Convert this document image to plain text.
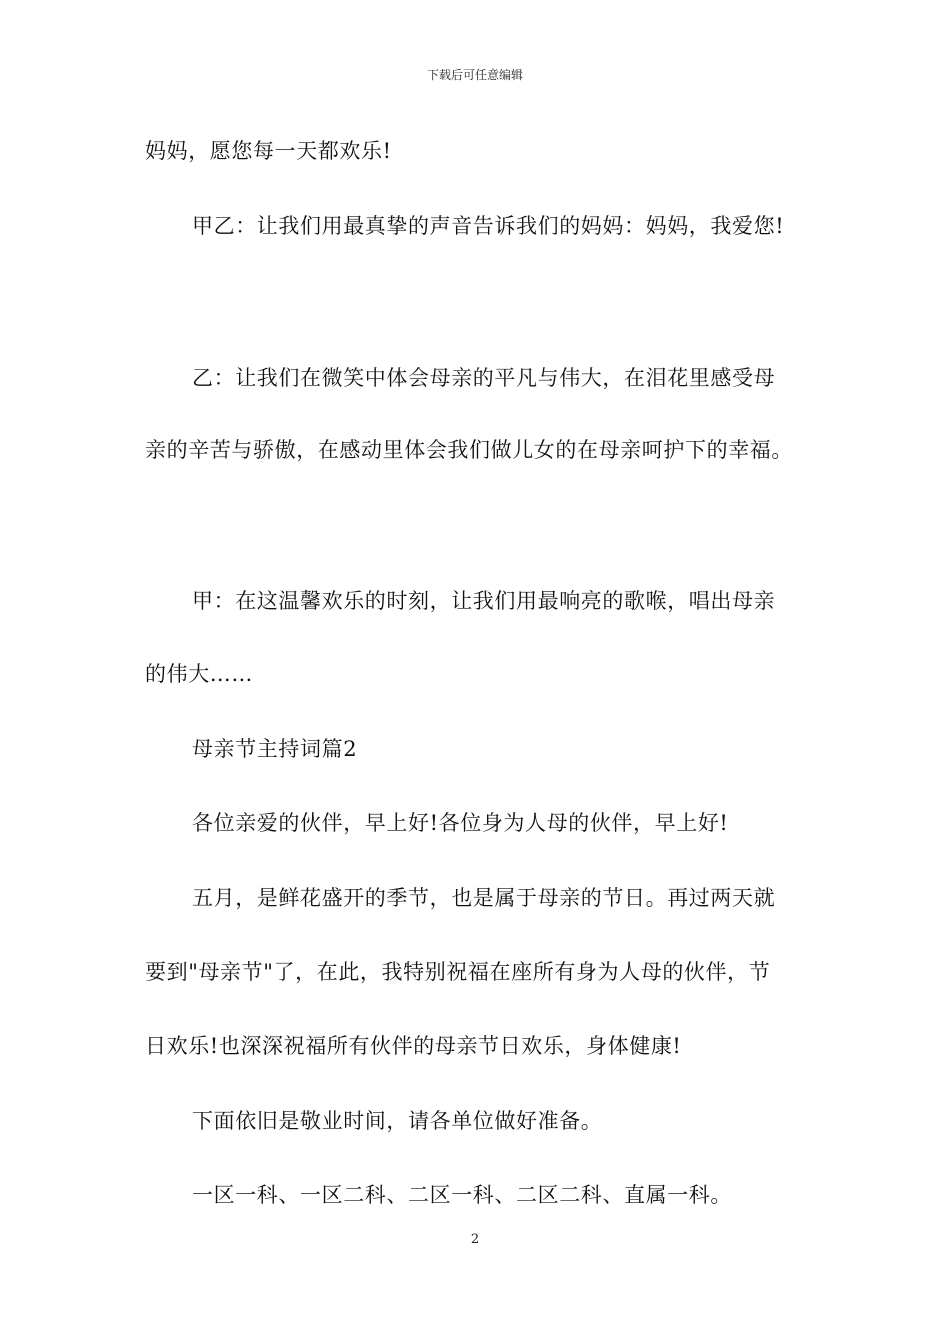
下载后可任意编辑
妈妈，愿您每一天都欢乐!
甲乙：让我们用最真挚的声音告诉我们的妈妈：妈妈，我爱您!
乙：让我们在微笑中体会母亲的平凡与伟大，在泪花里感受母
亲的辛苦与骄傲，在感动里体会我们做儿女的在母亲呵护下的幸福。
甲：在这温馨欢乐的时刻，让我们用最响亮的歌喉，唱出母亲
的伟大……
母亲节主持词篇2
各位亲爱的伙伴，早上好!各位身为人母的伙伴，早上好!
五月，是鲜花盛开的季节，也是属于母亲的节日。再过两天就
要到"母亲节"了，在此，我特别祝福在座所有身为人母的伙伴，节
日欢乐!也深深祝福所有伙伴的母亲节日欢乐，身体健康!
下面依旧是敬业时间，请各单位做好准备。
一区一科、一区二科、二区一科、二区二科、直属一科。
2
